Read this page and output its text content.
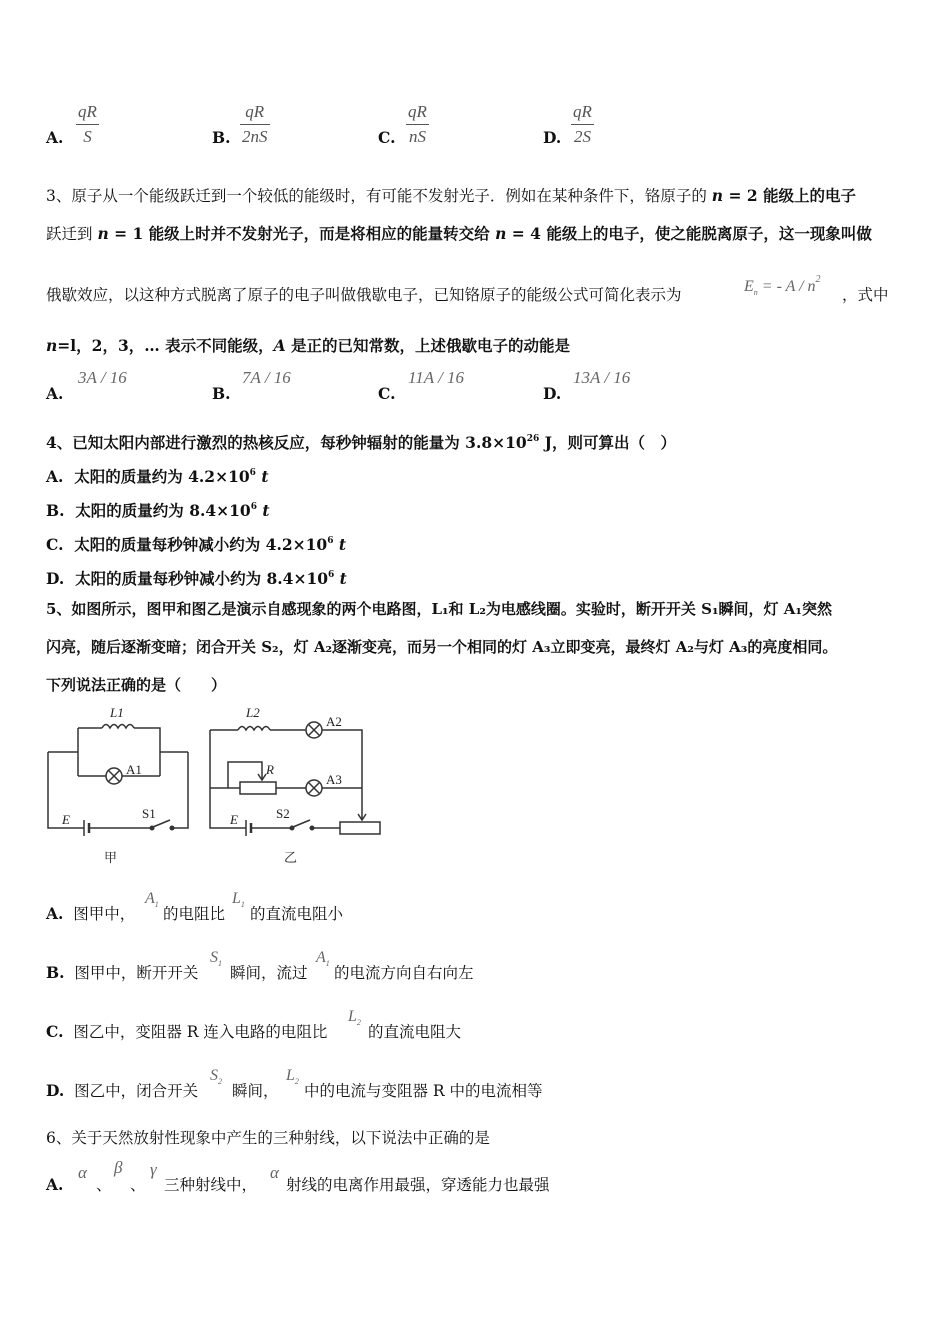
A.
qR
S	B.
qR
2nS	C.
qR
nS	D.
qR
2S
3、原子从一个能级跃迁到一个较低的能级时，有可能不发射光子．例如在某种条件下，铬原子的 n = 2 能级上的电子
跃迁到 n = 1 能级上时并不发射光子，而是将相应的能量转交给 n = 4 能级上的电子，使之能脱离原子，这一现象叫做
俄歇效应，以这种方式脱离了原子的电子叫做俄歇电子，已知铬原子的能级公式可简化表示为	$E_n$ = - A / $n^2$
，式中
n=l，2，3，… 表示不同能级，A 是正的已知常数，上述俄歇电子的动能是
A.
3A / 16
B.
7A / 16
C.
11A / 16
D.
13A / 16
4、已知太阳内部进行激烈的热核反应，每秒钟辐射的能量为 $3.8\times 10^{26}$ J，则可算出（　）
A. 太阳的质量约为 $4.2\times 10^6$ t
B. 太阳的质量约为 $8.4\times 10^6$ t
C. 太阳的质量每秒钟减小约为 $4.2\times 10^6$ t
D. 太阳的质量每秒钟减小约为 $8.4\times 10^6$ t
5、如图所示，图甲和图乙是演示自感现象的两个电路图，L₁和 L₂为电感线圈。实验时，断开开关 S₁瞬间，灯 A₁突然
闪亮，随后逐渐变暗；闭合开关 S₂，灯 A₂逐渐变亮，而另一个相同的灯 A₃立即变亮，最终灯 A₂与灯 A₃的亮度相同。
下列说法正确的是（　　）
L1
A1
E	S1
甲
L2
A2
R
A3
E	S2
乙
A. 图甲中，
$A_1$
的电阻比
$L_1$
的直流电阻小
B. 图甲中，断开开关
$S_1$
瞬间，流过
$A_1$
的电流方向自右向左
C. 图乙中，变阻器 R 连入电路的电阻比
$L_2$
的直流电阻大
D. 图乙中，闭合开关
$S_2$
瞬间，
$L_2$
中的电流与变阻器 R 中的电流相等
6、关于天然放射性现象中产生的三种射线，以下说法中正确的是
A.
α
、
β
、
γ
三种射线中，
α
射线的电离作用最强，穿透能力也最强
